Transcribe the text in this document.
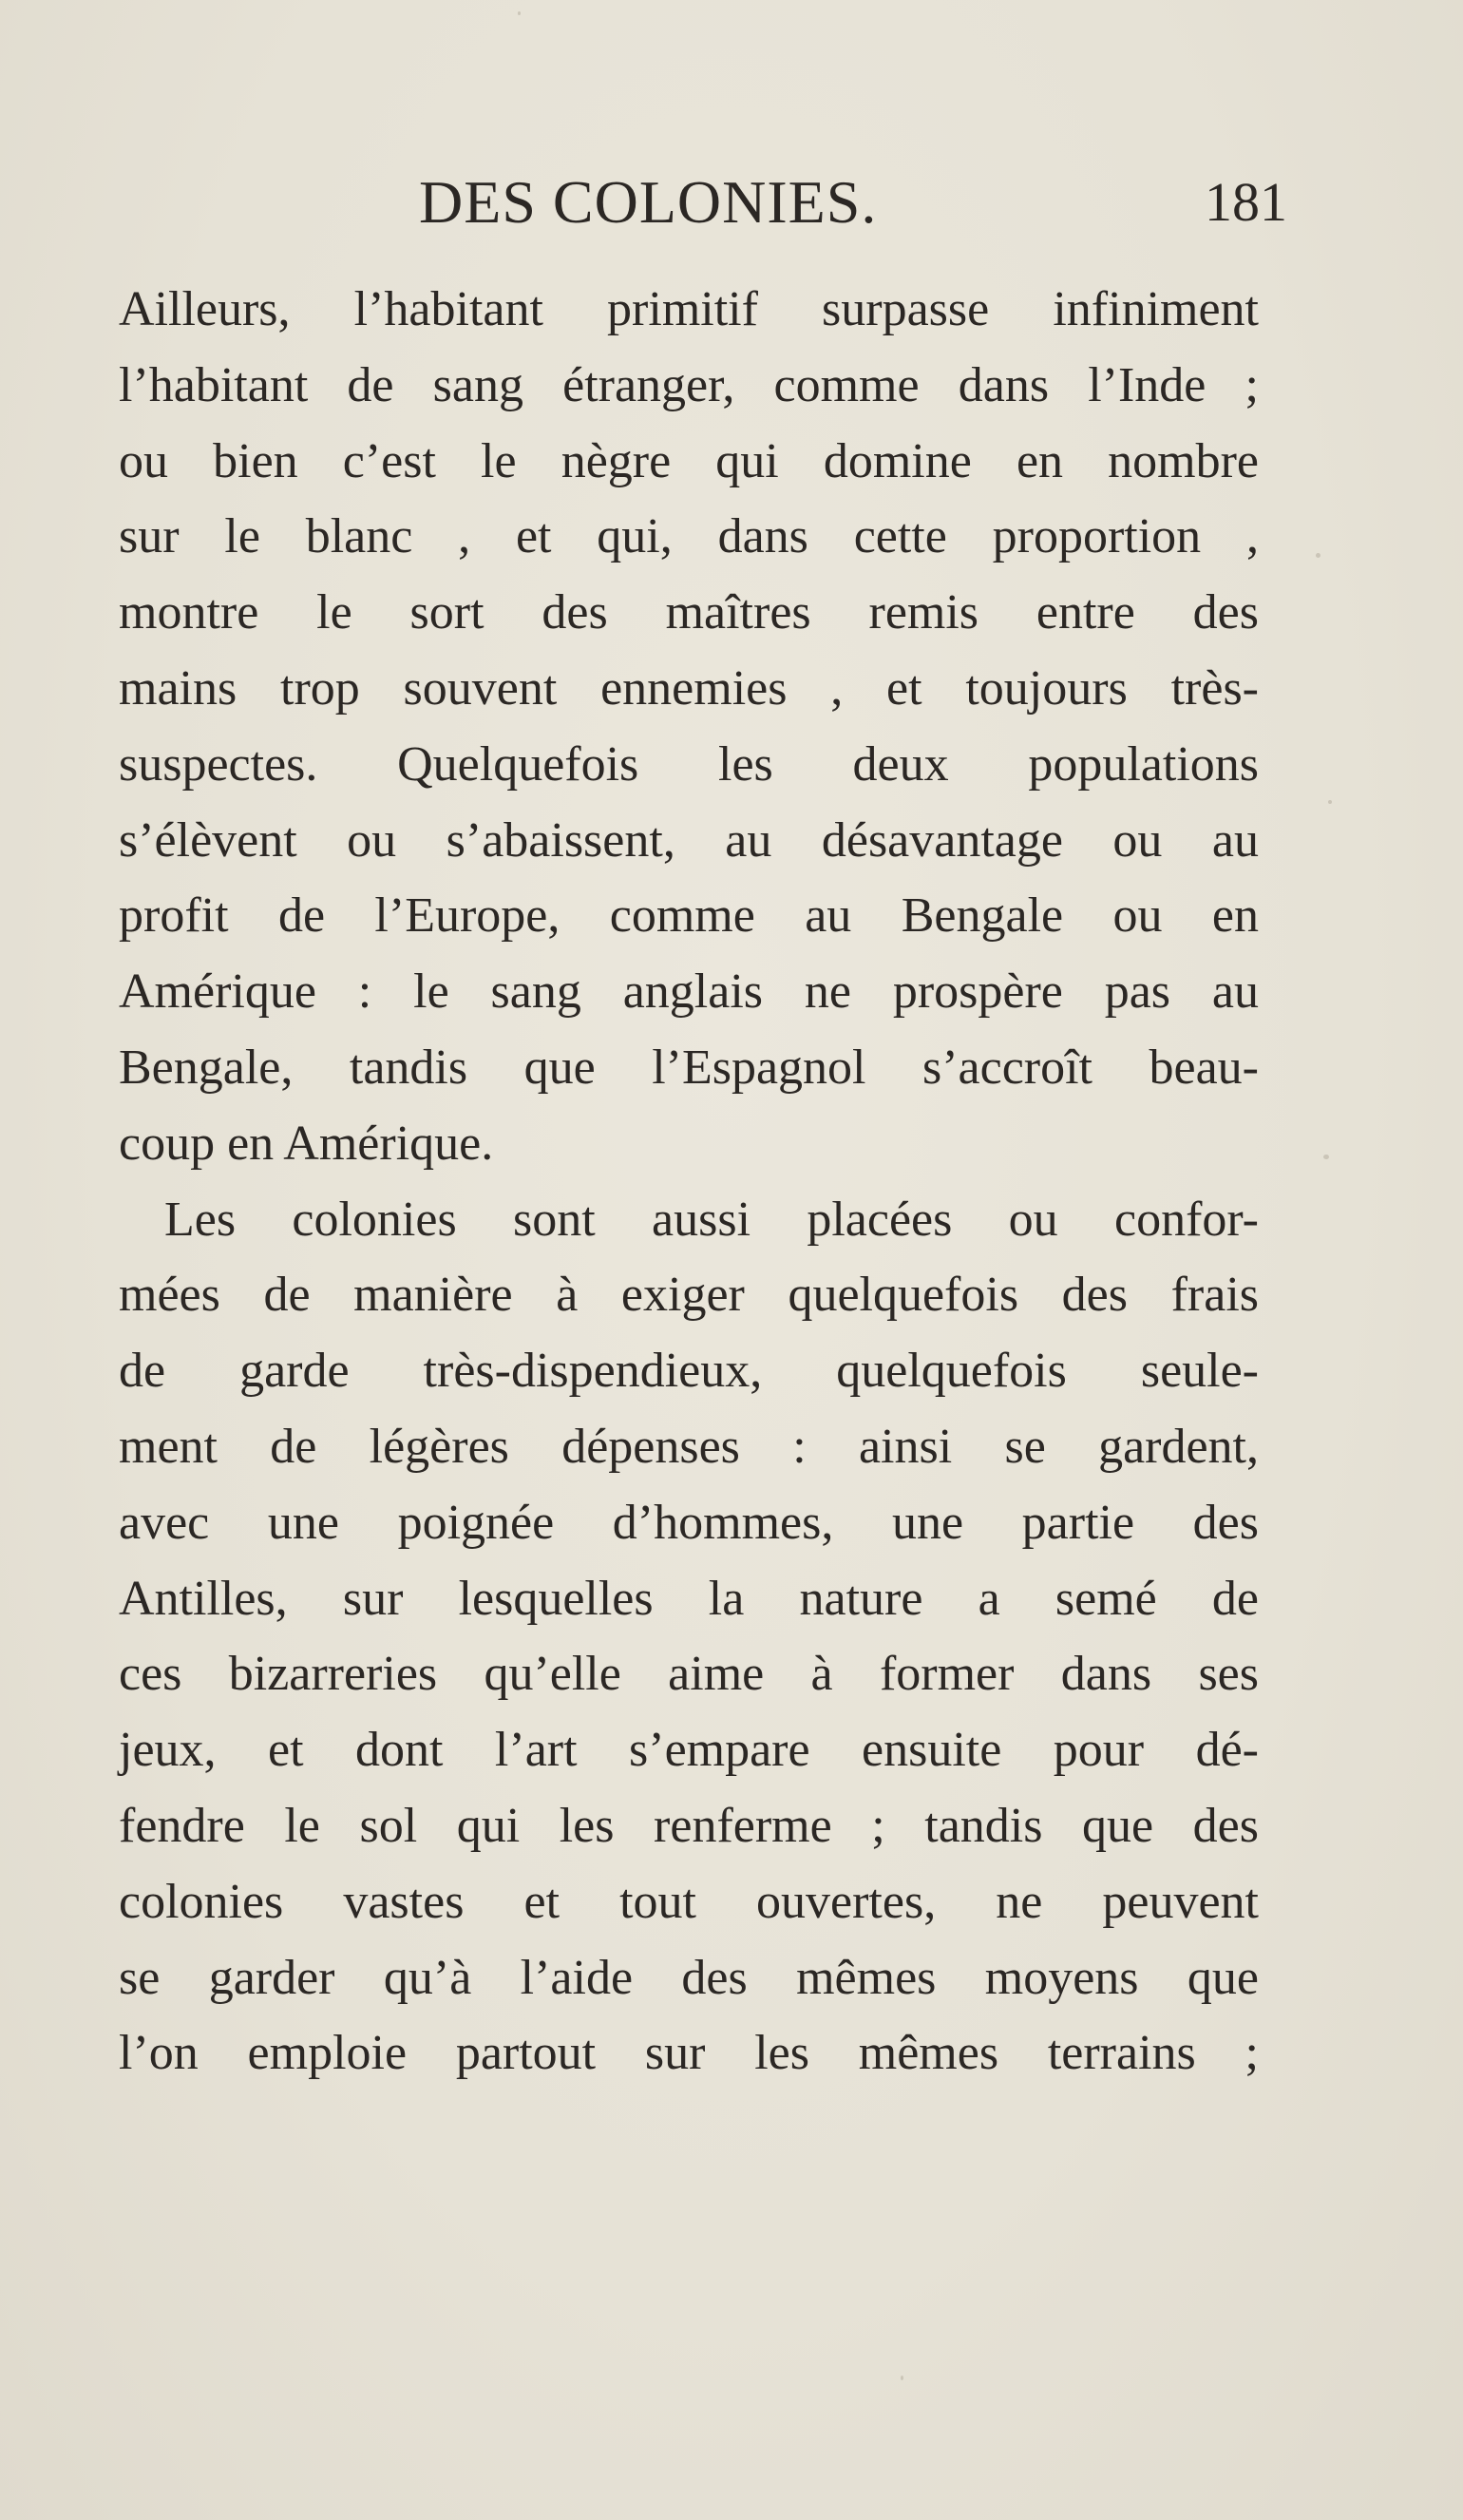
DES COLONIES.	181
Ailleurs, l’habitant primitif surpasse infiniment
l’habitant de sang étranger, comme dans l’Inde ;
ou bien c’est le nègre qui domine en nombre
sur le blanc , et qui, dans cette proportion ,
montre le sort des maîtres remis entre des
mains trop souvent ennemies , et toujours très-
suspectes. Quelquefois les deux populations
s’élèvent ou s’abaissent, au désavantage ou au
profit de l’Europe, comme au Bengale ou en
Amérique : le sang anglais ne prospère pas au
Bengale, tandis que l’Espagnol s’accroît beau-
coup en Amérique.
Les colonies sont aussi placées ou confor-
mées de manière à exiger quelquefois des frais
de garde très-dispendieux, quelquefois seule-
ment de légères dépenses : ainsi se gardent,
avec une poignée d’hommes, une partie des
Antilles, sur lesquelles la nature a semé de
ces bizarreries qu’elle aime à former dans ses
jeux, et dont l’art s’empare ensuite pour dé-
fendre le sol qui les renferme ; tandis que des
colonies vastes et tout ouvertes, ne peuvent
se garder qu’à l’aide des mêmes moyens que
l’on emploie partout sur les mêmes terrains ;
